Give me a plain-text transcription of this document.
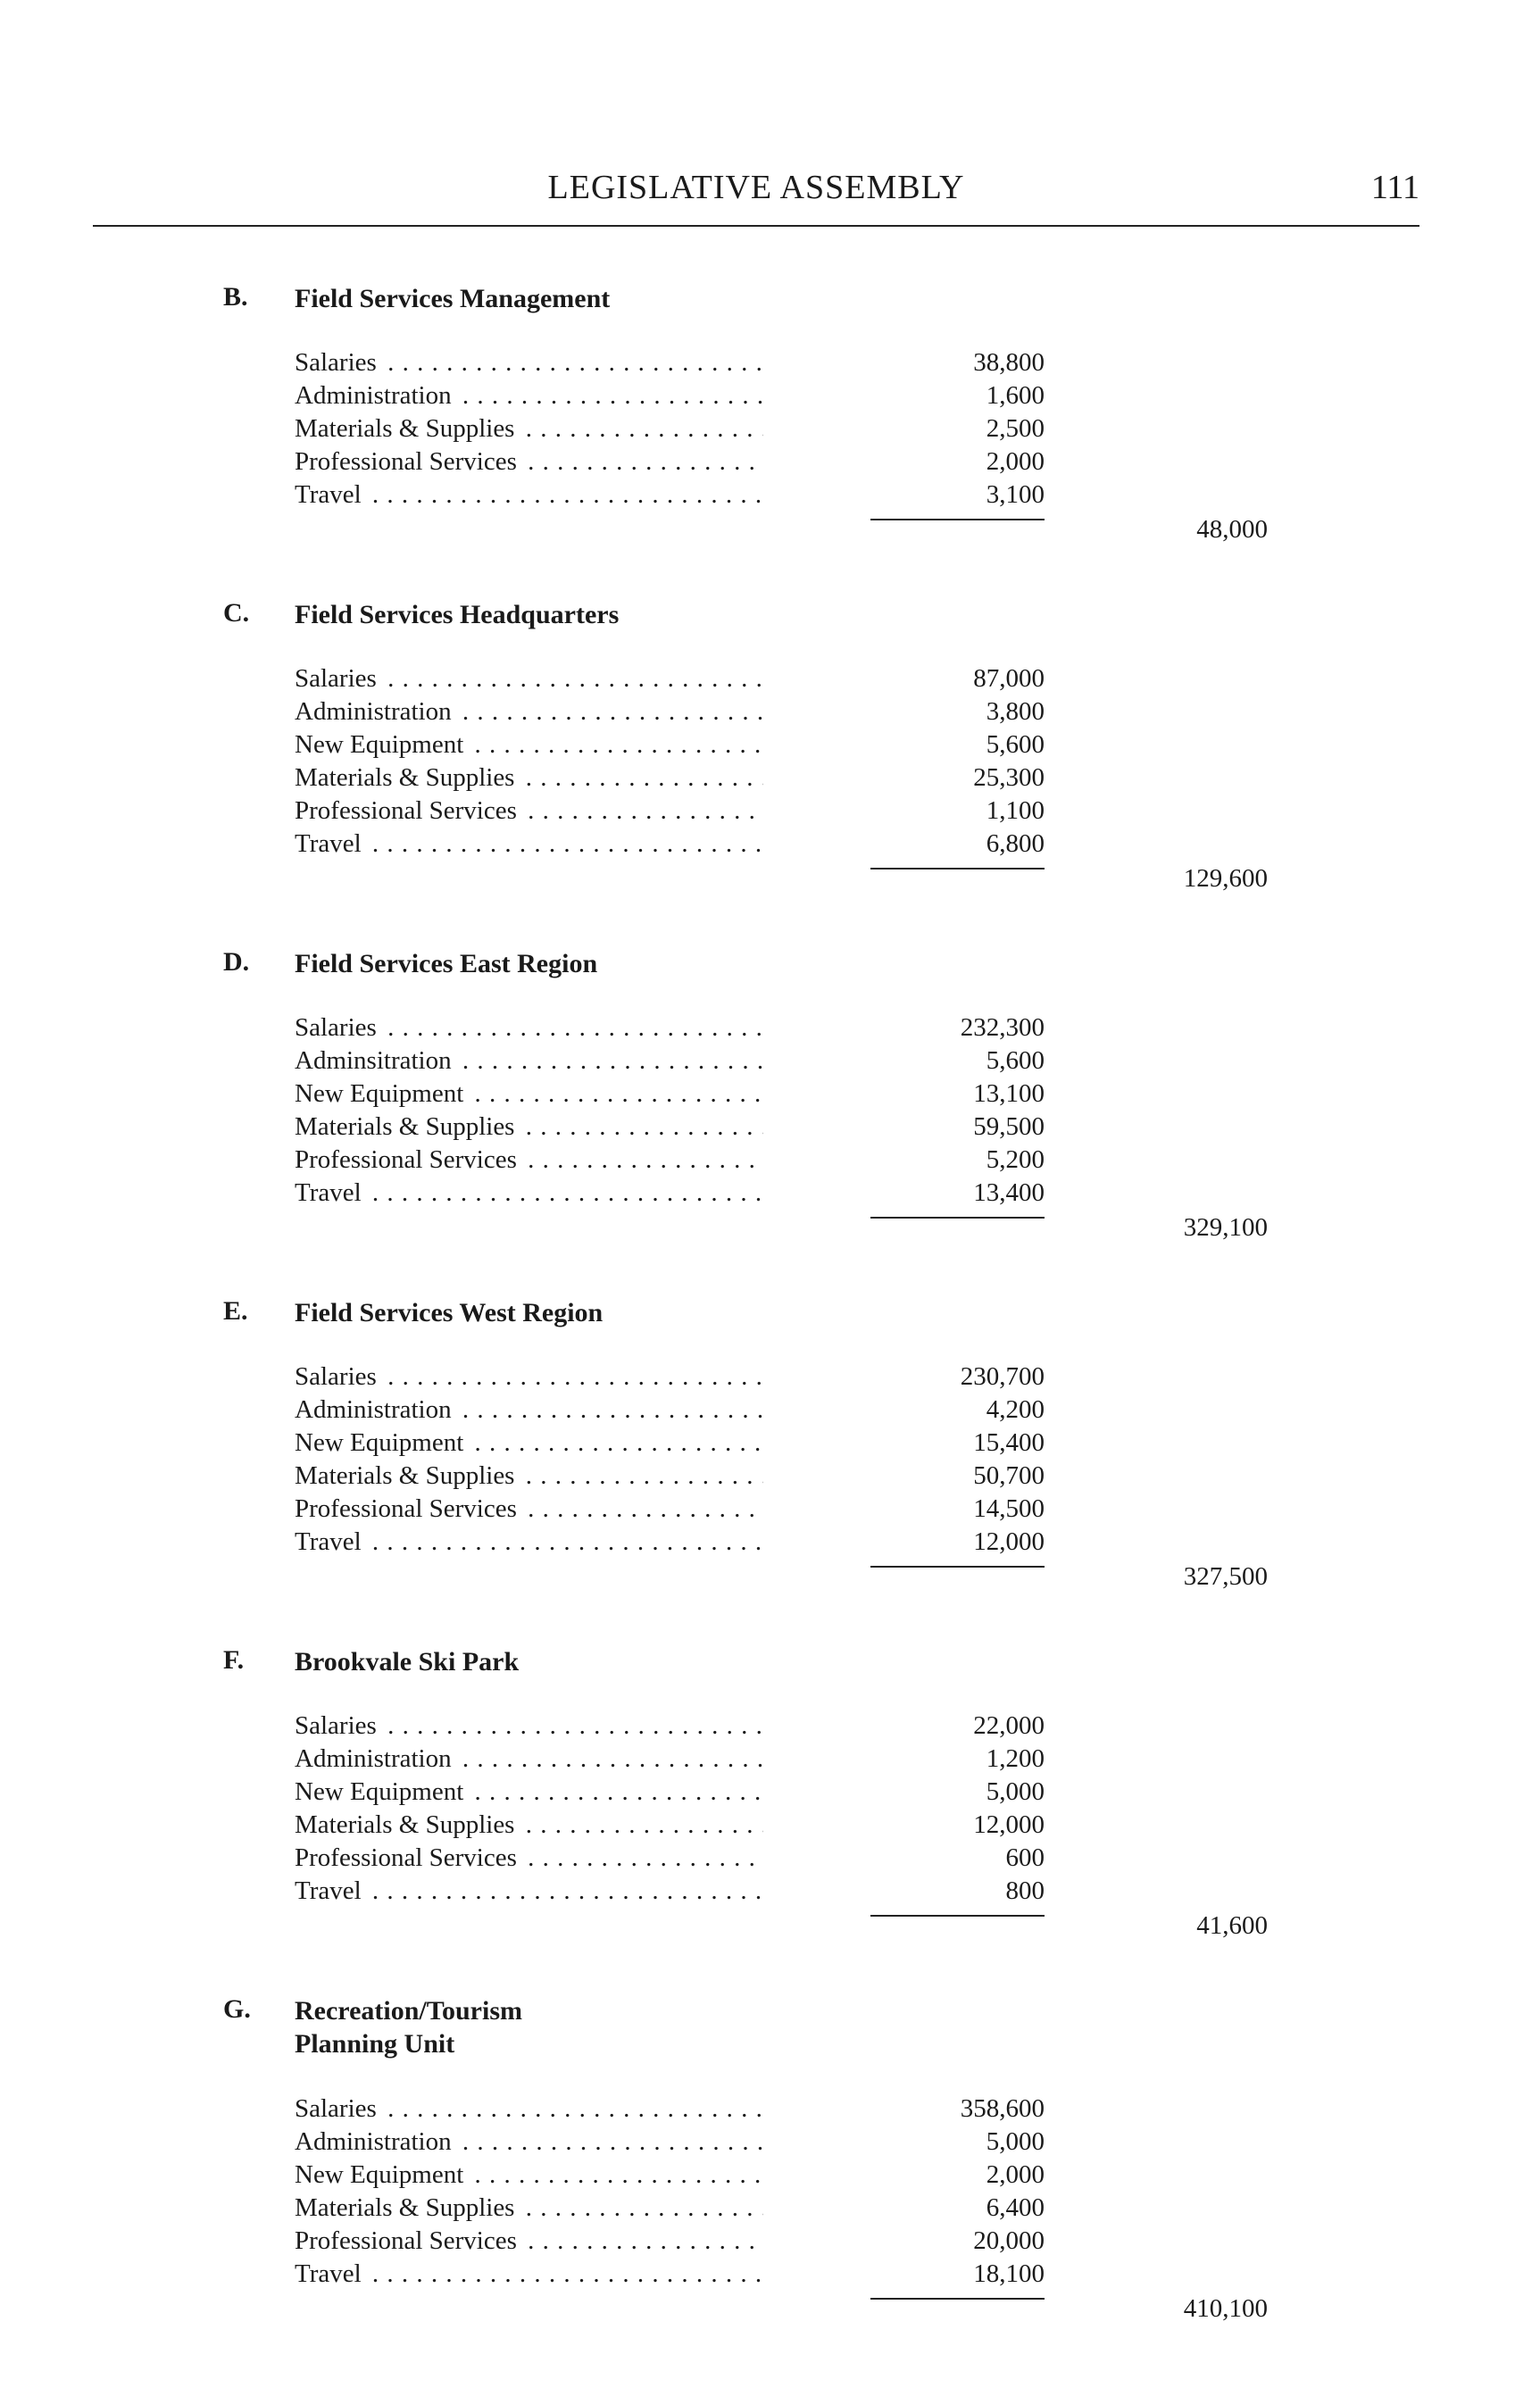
LEGISLATIVE ASSEMBLY	111
B. Field Services Management
Salaries . . .	38,800
Administration . . .	1,600
Materials & Supplies . . .	2,500
Professional Services . . .	2,000
Travel . . .	3,100
48,000
C. Field Services Headquarters
Salaries . . .	87,000
Administration . . .	3,800
New Equipment . . .	5,600
Materials & Supplies . . .	25,300
Professional Services . . .	1,100
Travel . . .	6,800
129,600
D. Field Services East Region
Salaries . . .	232,300
Adminsitration . . .	5,600
New Equipment . . .	13,100
Materials & Supplies . . .	59,500
Professional Services . . .	5,200
Travel . . .	13,400
329,100
E. Field Services West Region
Salaries . . .	230,700
Administration . . .	4,200
New Equipment . . .	15,400
Materials & Supplies . . .	50,700
Professional Services . . .	14,500
Travel . . .	12,000
327,500
F. Brookvale Ski Park
Salaries . . .	22,000
Administration . . .	1,200
New Equipment . . .	5,000
Materials & Supplies . . .	12,000
Professional Services . . .	600
Travel . . .	800
41,600
G. Recreation/Tourism
Planning Unit
Salaries . . .	358,600
Administration . . .	5,000
New Equipment . . .	2,000
Materials & Supplies . . .	6,400
Professional Services . . .	20,000
Travel . . .	18,100
410,100
